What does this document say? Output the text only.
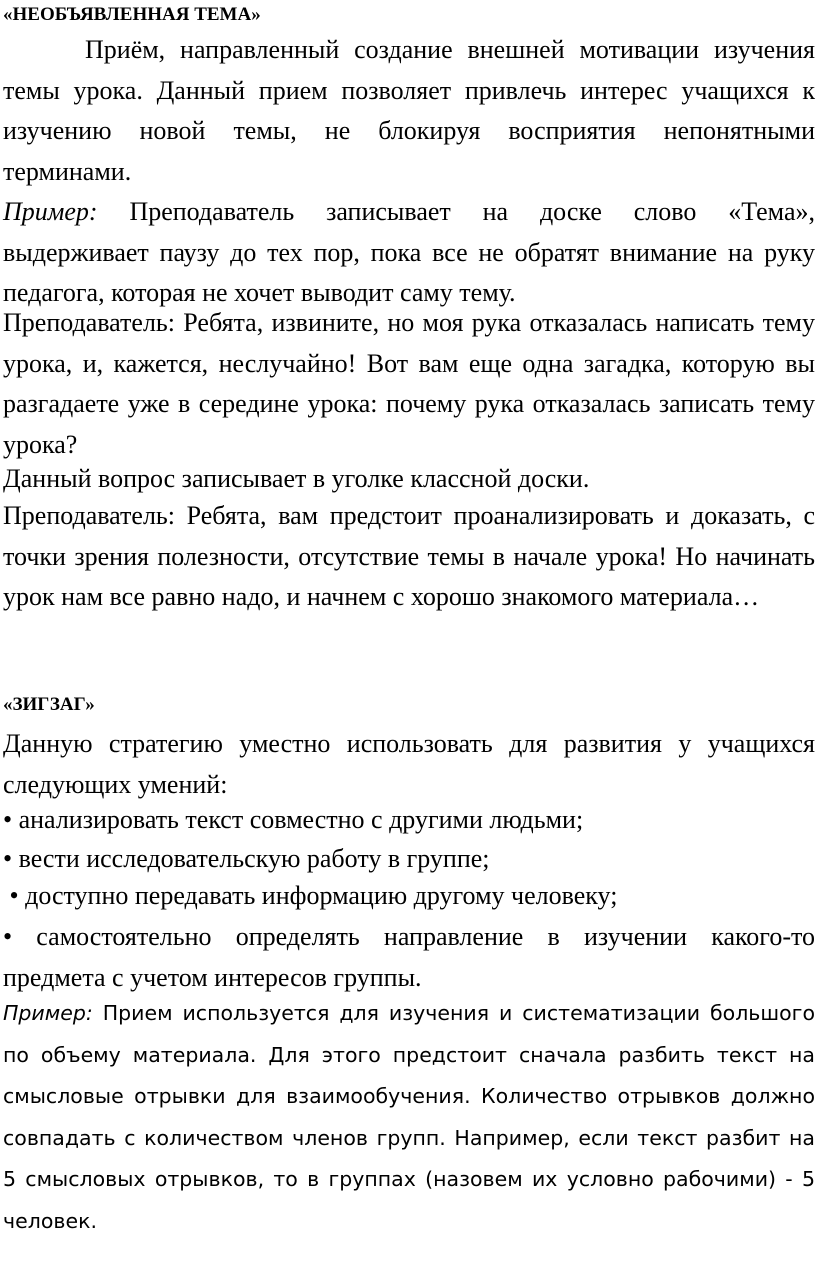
«НЕОБЪЯВЛЕННАЯ ТЕМА»

Приём, направленный создание внешней мотивации изучения темы урока. Данный прием позволяет привлечь интерес учащихся к изучению новой темы, не блокируя восприятия непонятными терминами.

Пример: Преподаватель записывает на доске слово «Тема», выдерживает паузу до тех пор, пока все не обратят внимание на руку педагога, которая не хочет выводит саму тему.

Преподаватель: Ребята, извините, но моя рука отказалась написать тему урока, и, кажется, неслучайно! Вот вам еще одна загадка, которую вы разгадаете уже в середине урока: почему рука отказалась записать тему урока?

Данный вопрос записывает в уголке классной доски.

Преподаватель: Ребята, вам предстоит проанализировать и доказать, с точки зрения полезности, отсутствие темы в начале урока! Но начинать урок нам все равно надо, и начнем с хорошо знакомого материала…

«ЗИГЗАГ»

Данную стратегию уместно использовать для развития у учащихся следующих умений:

• анализировать текст совместно с другими людьми;

• вести исследовательскую работу в группе;

• доступно передавать информацию другому человеку;

• самостоятельно определять направление в изучении какого-то предмета с учетом интересов группы.

Пример: Прием используется для изучения и систематизации большого по объему материала. Для этого предстоит сначала разбить текст на смысловые отрывки для взаимообучения. Количество отрывков должно совпадать с количеством членов групп. Например, если текст разбит на 5 смысловых отрывков, то в группах (назовем их условно рабочими) - 5 человек.
